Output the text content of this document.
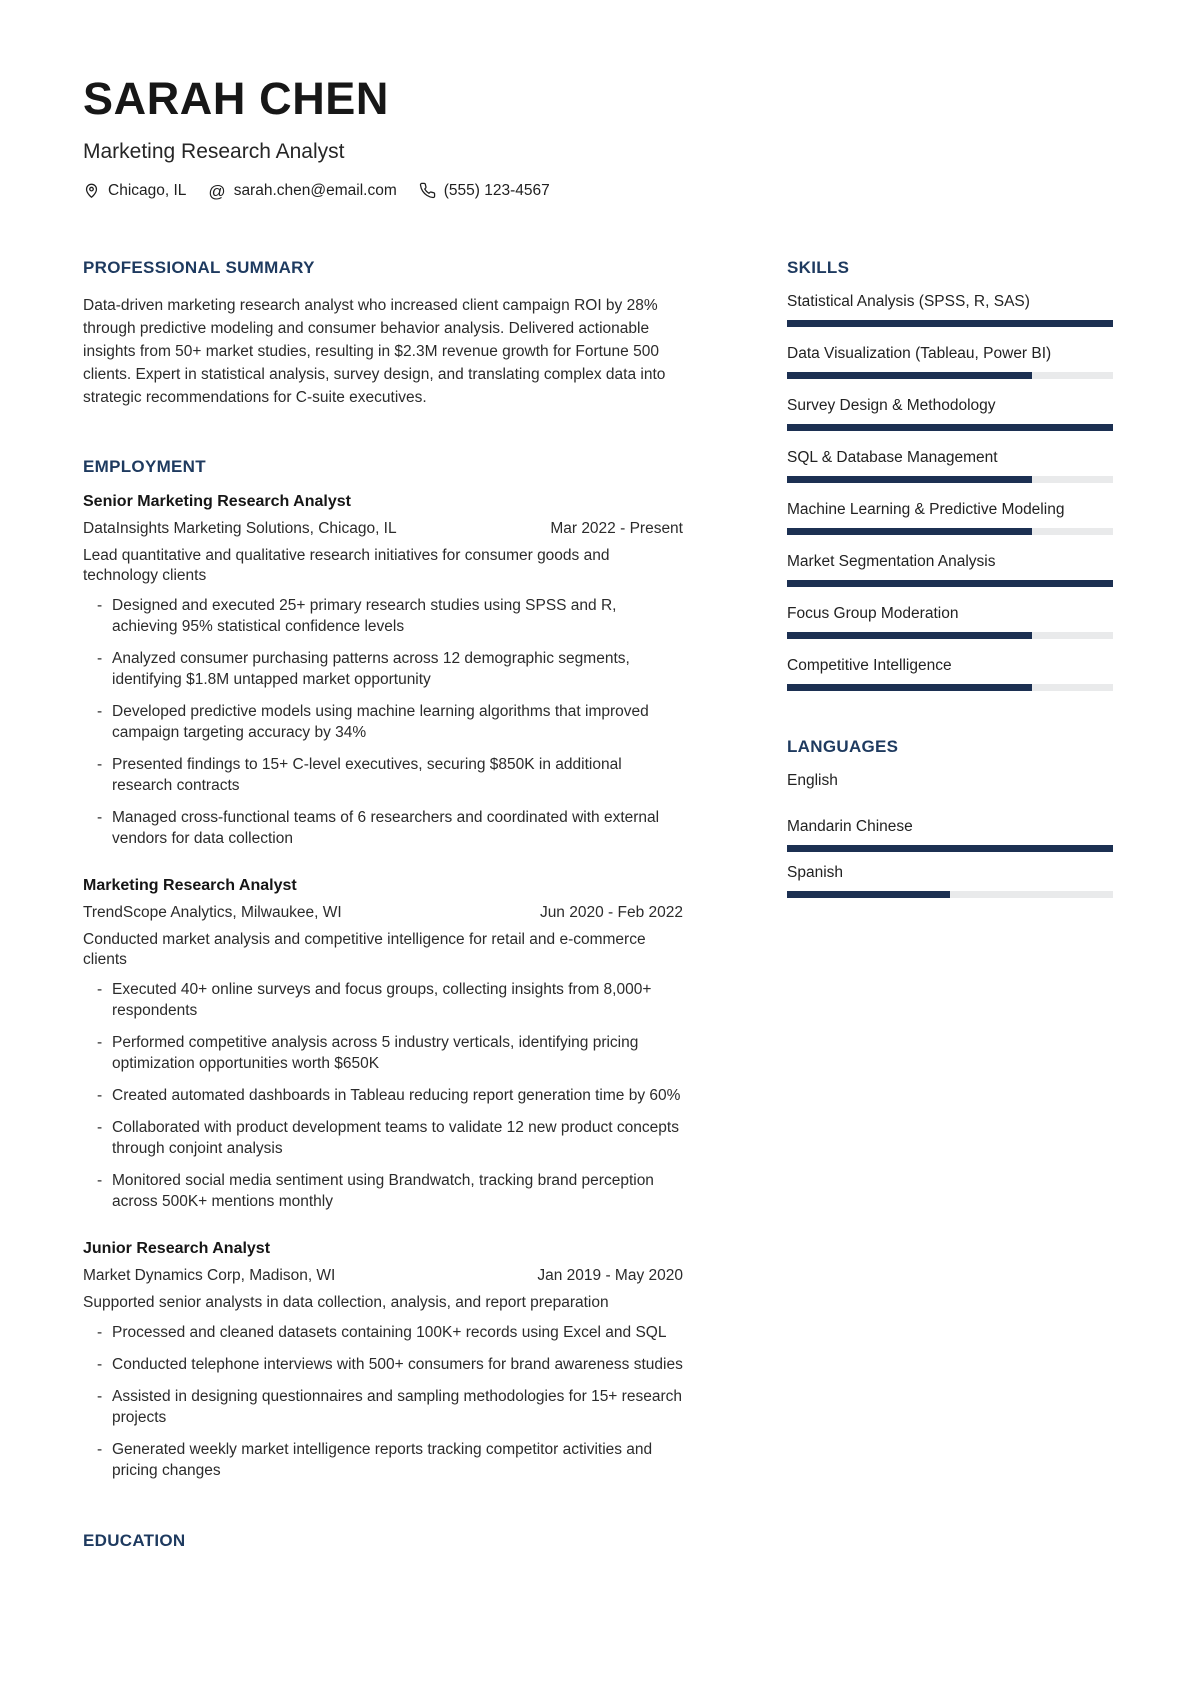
SARAH CHEN
Marketing Research Analyst
Chicago, IL @ sarah.chen@email.com	(555) 123-4567
PROFESSIONAL SUMMARY

Data-driven marketing research analyst who increased client campaign ROI by 28% through predictive modeling and consumer behavior analysis. Delivered actionable insights from 50+ market studies, resulting in $2.3M revenue growth for Fortune 500 clients. Expert in statistical analysis, survey design, and translating complex data into strategic recommendations for C-suite executives.

EMPLOYMENT
Senior Marketing Research Analyst
DataInsights Marketing Solutions, Chicago, IL	Mar 2022 - Present

Lead quantitative and qualitative research initiatives for consumer goods and technology clients

- Designed and executed 25+ primary research studies using SPSS and R, achieving 95% statistical confidence levels
- Analyzed consumer purchasing patterns across 12 demographic segments, identifying $1.8M untapped market opportunity
- Developed predictive models using machine learning algorithms that improved campaign targeting accuracy by 34%
- Presented findings to 15+ C-level executives, securing $850K in additional research contracts
- Managed cross-functional teams of 6 researchers and coordinated with external vendors for data collection
Marketing Research Analyst
TrendScope Analytics, Milwaukee, WI	Jun 2020 - Feb 2022

Conducted market analysis and competitive intelligence for retail and e-commerce clients

- Executed 40+ online surveys and focus groups, collecting insights from 8,000+ respondents
- Performed competitive analysis across 5 industry verticals, identifying pricing optimization opportunities worth $650K
- Created automated dashboards in Tableau reducing report generation time by 60%
- Collaborated with product development teams to validate 12 new product concepts through conjoint analysis
- Monitored social media sentiment using Brandwatch, tracking brand perception across 500K+ mentions monthly
Junior Research Analyst
Market Dynamics Corp, Madison, WI	Jan 2019 - May 2020

Supported senior analysts in data collection, analysis, and report preparation

- Processed and cleaned datasets containing 100K+ records using Excel and SQL
- Conducted telephone interviews with 500+ consumers for brand awareness studies
- Assisted in designing questionnaires and sampling methodologies for 15+ research projects
- Generated weekly market intelligence reports tracking competitor activities and pricing changes
EDUCATION
SKILLS
Statistical Analysis (SPSS, R, SAS)
Data Visualization (Tableau, Power BI)
Survey Design & Methodology
SQL & Database Management
Machine Learning & Predictive Modeling
Market Segmentation Analysis
Focus Group Moderation
Competitive Intelligence
LANGUAGES
English
Mandarin Chinese
Spanish
